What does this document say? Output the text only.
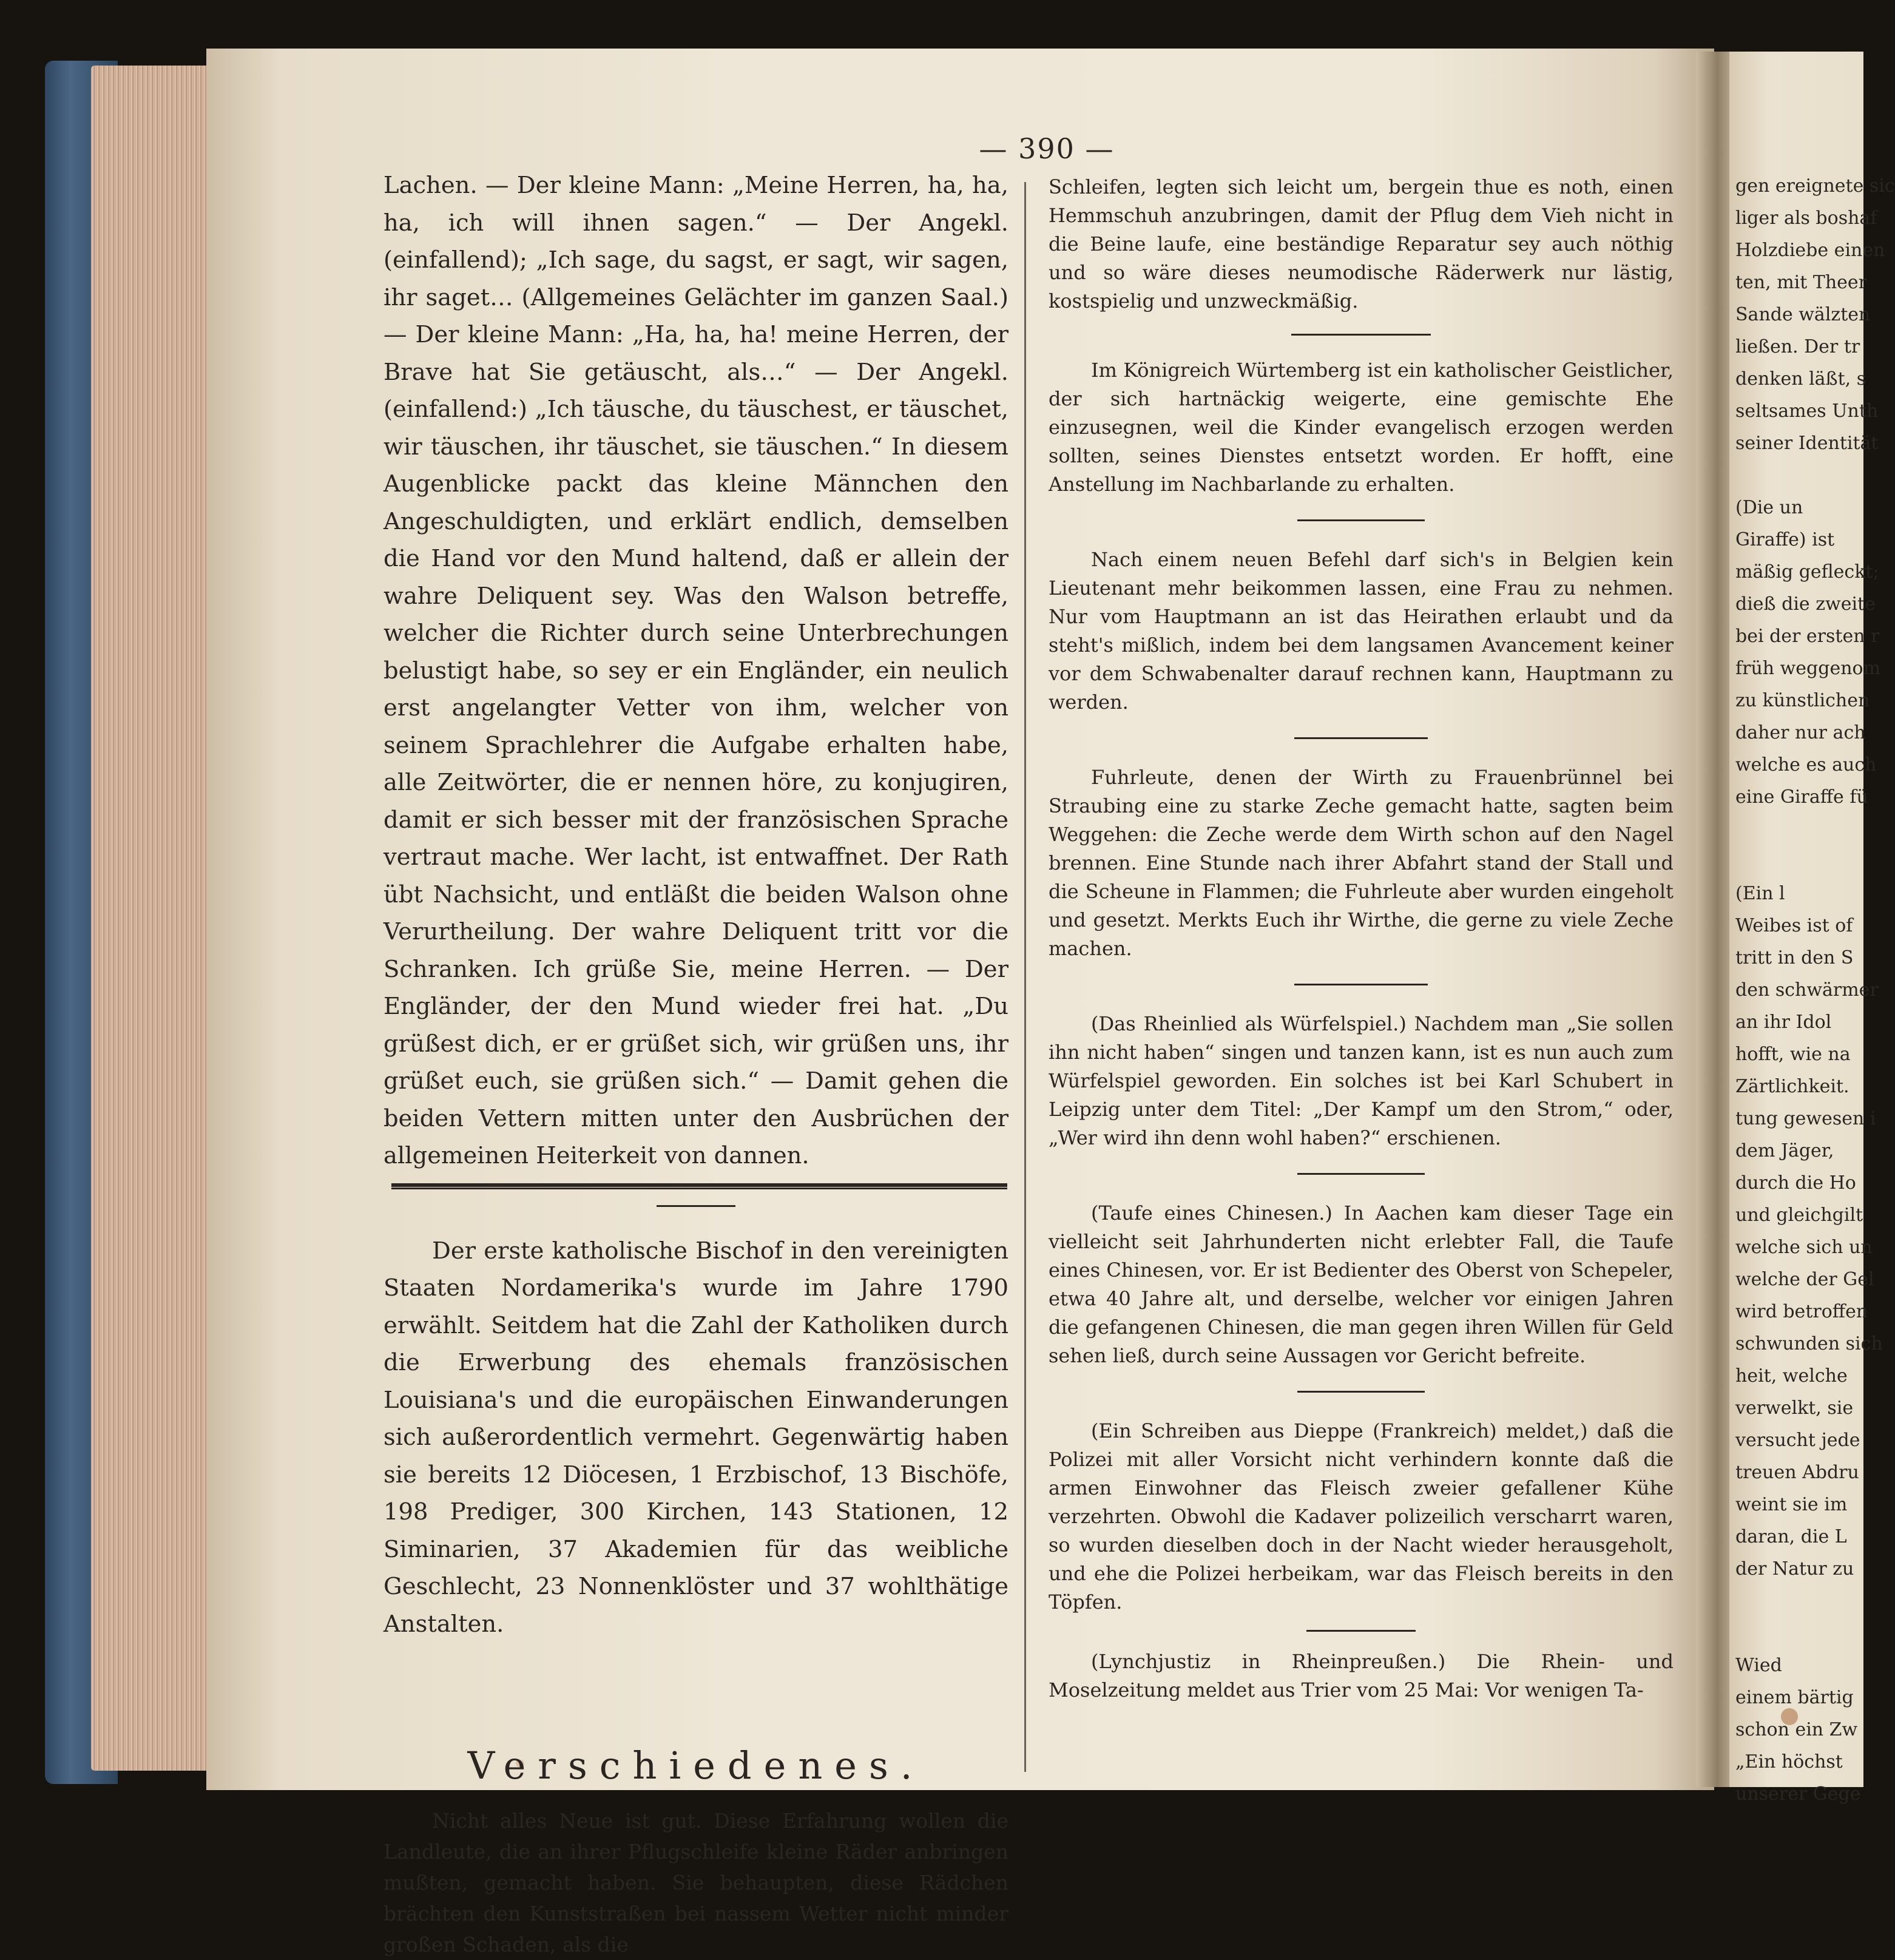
— 390 —

Lachen. — Der kleine Mann: „Meine Herren, ha, ha, ha, ich will ihnen sagen.“ — Der Angekl. (einfallend); „Ich sage, du sagst, er sagt, wir sagen, ihr saget… (Allgemeines Gelächter im ganzen Saal.) — Der kleine Mann: „Ha, ha, ha! meine Herren, der Brave hat Sie getäuscht, als…“ — Der Angekl. (einfallend:) „Ich täusche, du täuschest, er täuschet, wir täuschen, ihr täuschet, sie täuschen.“ In diesem Augenblicke packt das kleine Männchen den Angeschuldigten, und erklärt endlich, demselben die Hand vor den Mund haltend, daß er allein der wahre Deliquent sey. Was den Walson betreffe, welcher die Richter durch seine Unterbrechungen belustigt habe, so sey er ein Engländer, ein neulich erst angelangter Vetter von ihm, welcher von seinem Sprachlehrer die Aufgabe erhalten habe, alle Zeitwörter, die er nennen höre, zu konjugiren, damit er sich besser mit der französischen Sprache vertraut mache. Wer lacht, ist entwaffnet. Der Rath übt Nachsicht, und entläßt die beiden Walson ohne Verurtheilung. Der wahre Deliquent tritt vor die Schranken. Ich grüße Sie, meine Herren. — Der Engländer, der den Mund wieder frei hat. „Du grüßest dich, er er grüßet sich, wir grüßen uns, ihr grüßet euch, sie grüßen sich.“ — Damit gehen die beiden Vettern mitten unter den Ausbrüchen der allgemeinen Heiterkeit von dannen.

Der erste katholische Bischof in den vereinigten Staaten Nordamerika's wurde im Jahre 1790 erwählt. Seitdem hat die Zahl der Katholiken durch die Erwerbung des ehemals französischen Louisiana's und die europäischen Einwanderungen sich außerordentlich vermehrt. Gegenwärtig haben sie bereits 12 Diöcesen, 1 Erzbischof, 13 Bischöfe, 198 Prediger, 300 Kirchen, 143 Stationen, 12 Siminarien, 37 Akademien für das weibliche Geschlecht, 23 Nonnenklöster und 37 wohlthätige Anstalten.

Verschiedenes.

Nicht alles Neue ist gut. Diese Erfahrung wollen die Landleute, die an ihrer Pflugschleife kleine Räder anbringen mußten, gemacht haben. Sie behaupten, diese Rädchen brächten den Kunststraßen bei nassem Wetter nicht minder großen Schaden, als die

Schleifen, legten sich leicht um, bergein thue es noth, einen Hemmschuh anzubringen, damit der Pflug dem Vieh nicht in die Beine laufe, eine beständige Reparatur sey auch nöthig und so wäre dieses neumodische Räderwerk nur lästig, kostspielig und unzweckmäßig.

Im Königreich Würtemberg ist ein katholischer Geistlicher, der sich hartnäckig weigerte, eine gemischte Ehe einzusegnen, weil die Kinder evangelisch erzogen werden sollten, seines Dienstes entsetzt worden. Er hofft, eine Anstellung im Nachbarlande zu erhalten.

Nach einem neuen Befehl darf sich's in Belgien kein Lieutenant mehr beikommen lassen, eine Frau zu nehmen. Nur vom Hauptmann an ist das Heirathen erlaubt und da steht's mißlich, indem bei dem langsamen Avancement keiner vor dem Schwabenalter darauf rechnen kann, Hauptmann zu werden.

Fuhrleute, denen der Wirth zu Frauenbrünnel bei Straubing eine zu starke Zeche gemacht hatte, sagten beim Weggehen: die Zeche werde dem Wirth schon auf den Nagel brennen. Eine Stunde nach ihrer Abfahrt stand der Stall und die Scheune in Flammen; die Fuhrleute aber wurden eingeholt und gesetzt. Merkts Euch ihr Wirthe, die gerne zu viele Zeche machen.

(Das Rheinlied als Würfelspiel.) Nachdem man „Sie sollen ihn nicht haben“ singen und tanzen kann, ist es nun auch zum Würfelspiel geworden. Ein solches ist bei Karl Schubert in Leipzig unter dem Titel: „Der Kampf um den Strom,“ oder, „Wer wird ihn denn wohl haben?“ erschienen.

(Taufe eines Chinesen.) In Aachen kam dieser Tage ein vielleicht seit Jahrhunderten nicht erlebter Fall, die Taufe eines Chinesen, vor. Er ist Bedienter des Oberst von Schepeler, etwa 40 Jahre alt, und derselbe, welcher vor einigen Jahren die gefangenen Chinesen, die man gegen ihren Willen für Geld sehen ließ, durch seine Aussagen vor Gericht befreite.

(Ein Schreiben aus Dieppe (Frankreich) meldet,) daß die Polizei mit aller Vorsicht nicht verhindern konnte daß die armen Einwohner das Fleisch zweier gefallener Kühe verzehrten. Obwohl die Kadaver polizeilich verscharrt waren, so wurden dieselben doch in der Nacht wieder herausgeholt, und ehe die Polizei herbeikam, war das Fleisch bereits in den Töpfen.

(Lynchjustiz in Rheinpreußen.) Die Rhein- und Moselzeitung meldet aus Trier vom 25 Mai: Vor wenigen Ta-

gen ereignete sic
liger als boshaf
Holzdiebe einen
ten, mit Theer
Sande wälzten
ließen. Der tr
denken läßt, s
seltsames Unth
seiner Identität
(Die un
Giraffe) ist
mäßig gefleckt;
dieß die zweite
bei der ersten r
früh weggenom
zu künstlichen
daher nur ach
welche es auch
eine Giraffe fü
(Ein l
Weibes ist of
tritt in den S
den schwärmer
an ihr Idol
hofft, wie na
Zärtlichkeit.
tung gewesen i
dem Jäger,
durch die Ho
und gleichgilt
welche sich un
welche der Gel
wird betroffen
schwunden sich
heit, welche
verwelkt, sie
versucht jede
treuen Abdru
weint sie im
daran, die L
der Natur zu
Wied
einem bärtig
schon ein Zw
„Ein höchst
unserer Gege
